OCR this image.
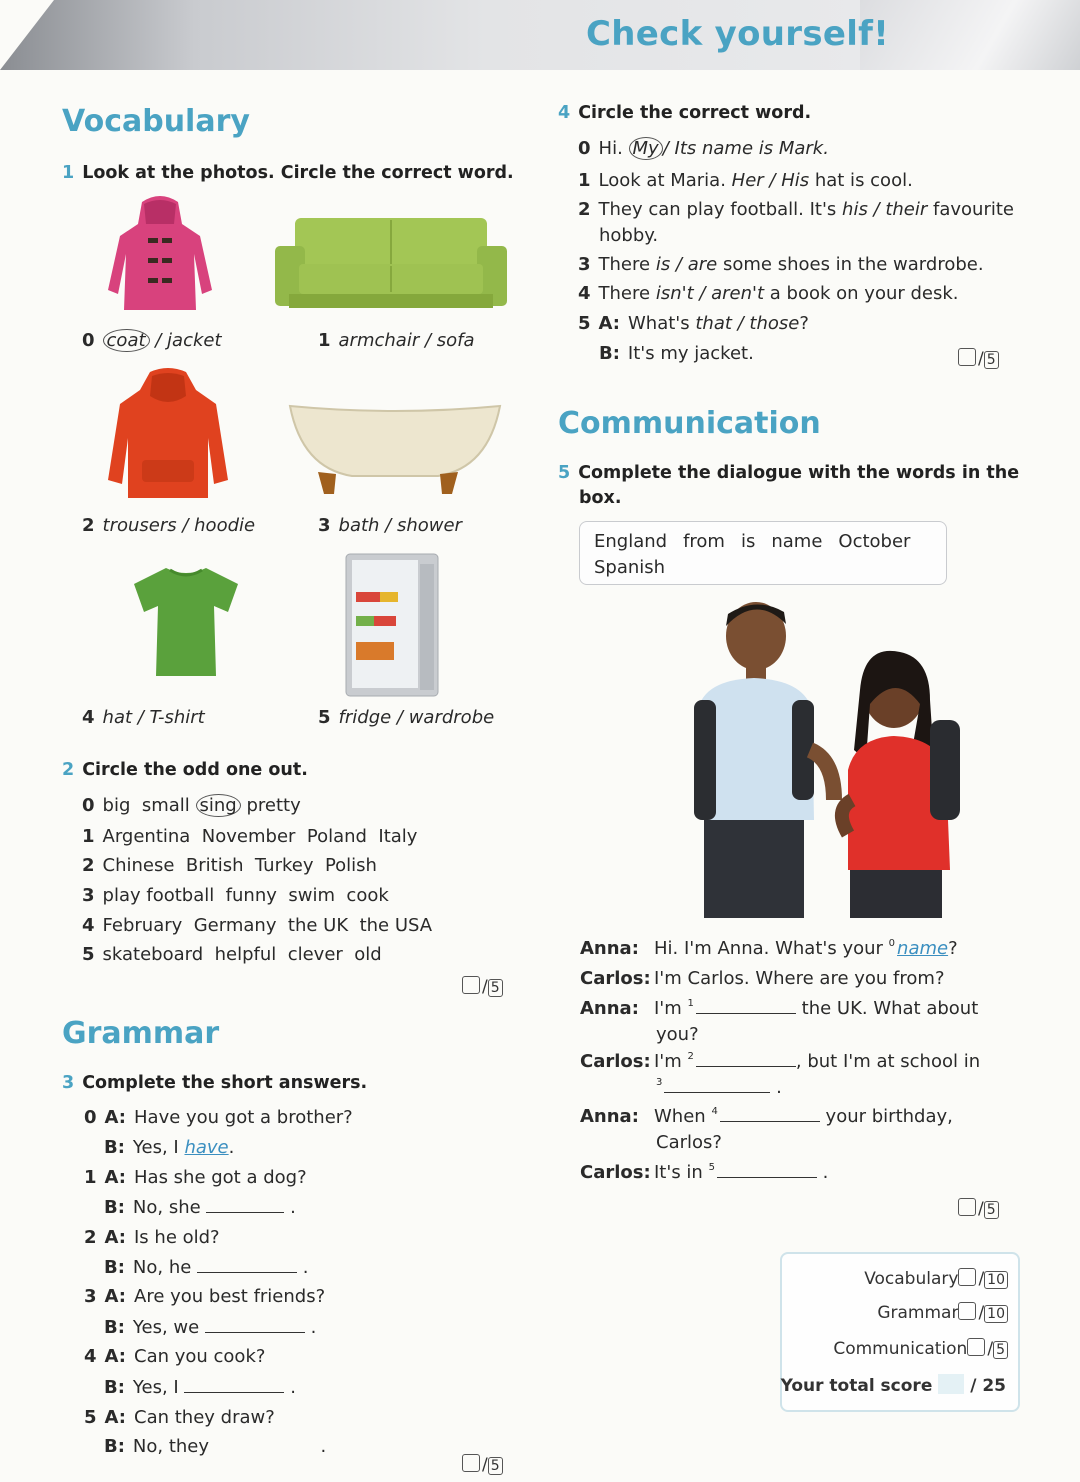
Check yourself!
Vocabulary
1 Look at the photos. Circle the correct word.
0 coat / jacket	1 armchair / sofa
2 trousers / hoodie	3 bath / shower
4 hat / T-shirt	5 fridge / wardrobe
2 Circle the odd one out.
0 big  small sing pretty
1 Argentina  November  Poland  Italy
2 Chinese  British  Turkey  Polish
3 play football  funny  swim  cook
4 February  Germany  the UK  the USA
5 skateboard  helpful  clever  old
/ 5
Grammar
3 Complete the short answers.
0 A: Have you got a brother?
B: Yes, I have.
1 A: Has she got a dog?
B: No, she	.
2 A: Is he old?
B: No, he	.
3 A: Are you best friends?
B: Yes, we	.
4 A: Can you cook?
B: Yes, I	.
5 A: Can they draw?
B: No, they	.
/ 5
4 Circle the correct word.
0 Hi. My / Its name is Mark.
1 Look at Maria. Her / His hat is cool.
2 They can play football. It's his / their favourite
hobby.
3 There is / are some shoes in the wardrobe.
4 There isn't / aren't a book on your desk.
5 A: What's that / those?
B: It's my jacket.	/ 5
Communication
5 Complete the dialogue with the words in the
box.
England from is name October
Spanish
Anna: Hi. I'm Anna. What's your $^0$ name?
Carlos: I'm Carlos. Where are you from?
Anna: I'm $^1$	the UK. What about
you?
Carlos: I'm $^2$	, but I'm at school in
$^3$	.
Anna: When $^4$	your birthday,
Carlos?
Carlos: It's in $^5$	.
/ 5
Vocabulary / 10
Grammar / 10
Communication / 5
Your total score / 25
